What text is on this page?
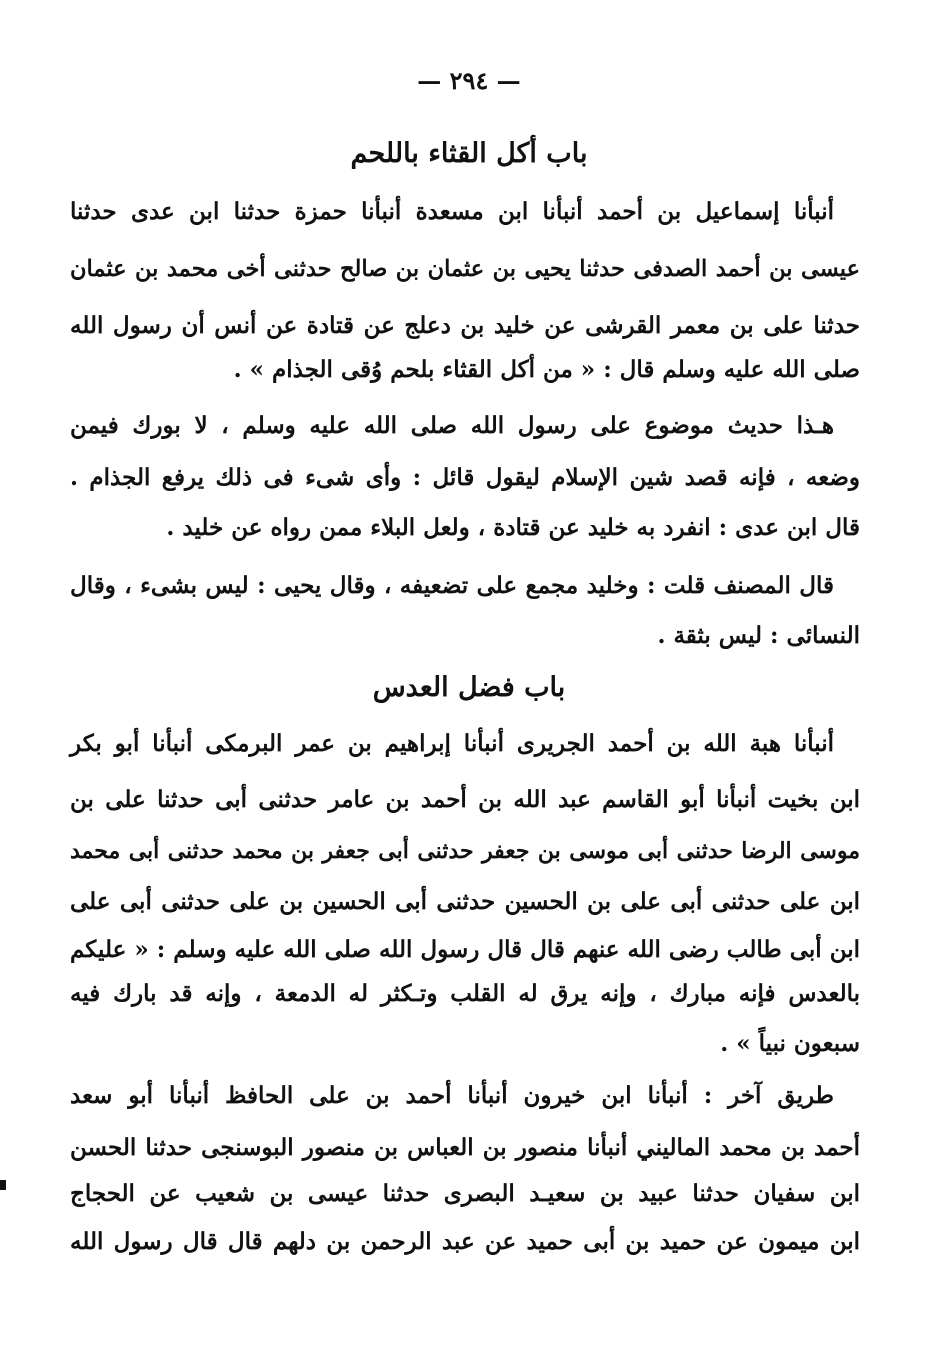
— ٢٩٤ —
باب أكل القثاء باللحم
أنبأنا إسماعيل بن أحمد أنبأنا ابن مسعدة أنبأنا حمزة حدثنا ابن عدى حدثنا
عيسى بن أحمد الصدفى حدثنا يحيى بن عثمان بن صالح حدثنى أخى محمد بن عثمان
حدثنا على بن معمر القرشى عن خليد بن دعلج عن قتادة عن أنس أن رسول الله
صلى الله عليه وسلم قال : « من أكل القثاء بلحم وُقى الجذام » .
هـذا حديث موضوع على رسول الله صلى الله عليه وسلم ، لا بورك فيمن
وضعه ، فإنه قصد شين الإسلام ليقول قائل : وأى شىء فى ذلك يرفع الجذام .
قال ابن عدى : انفرد به خليد عن قتادة ، ولعل البلاء ممن رواه عن خليد .
قال المصنف قلت : وخليد مجمع على تضعيفه ، وقال يحيى : ليس بشىء ، وقال
النسائى : ليس بثقة .
باب فضل العدس
أنبأنا هبة الله بن أحمد الجريرى أنبأنا إبراهيم بن عمر البرمكى أنبأنا أبو بكر
ابن بخيت أنبأنا أبو القاسم عبد الله بن أحمد بن عامر حدثنى أبى حدثنا على بن
موسى الرضا حدثنى أبى موسى بن جعفر حدثنى أبى جعفر بن محمد حدثنى أبى محمد
ابن على حدثنى أبى على بن الحسين حدثنى أبى الحسين بن على حدثنى أبى على
ابن أبى طالب رضى الله عنهم قال قال رسول الله صلى الله عليه وسلم : « عليكم
بالعدس فإنه مبارك ، وإنه يرق له القلب وتـكثر له الدمعة ، وإنه قد بارك فيه
سبعون نبياً » .
طريق آخر : أنبأنا ابن خيرون أنبأنا أحمد بن على الحافظ أنبأنا أبو سعد
أحمد بن محمد الماليني أنبأنا منصور بن العباس بن منصور البوسنجى حدثنا الحسن
ابن سفيان حدثنا عبيد بن سعيـد البصرى حدثنا عيسى بن شعيب عن الحجاج
ابن ميمون عن حميد بن أبى حميد عن عبد الرحمن بن دلهم قال قال رسول الله
